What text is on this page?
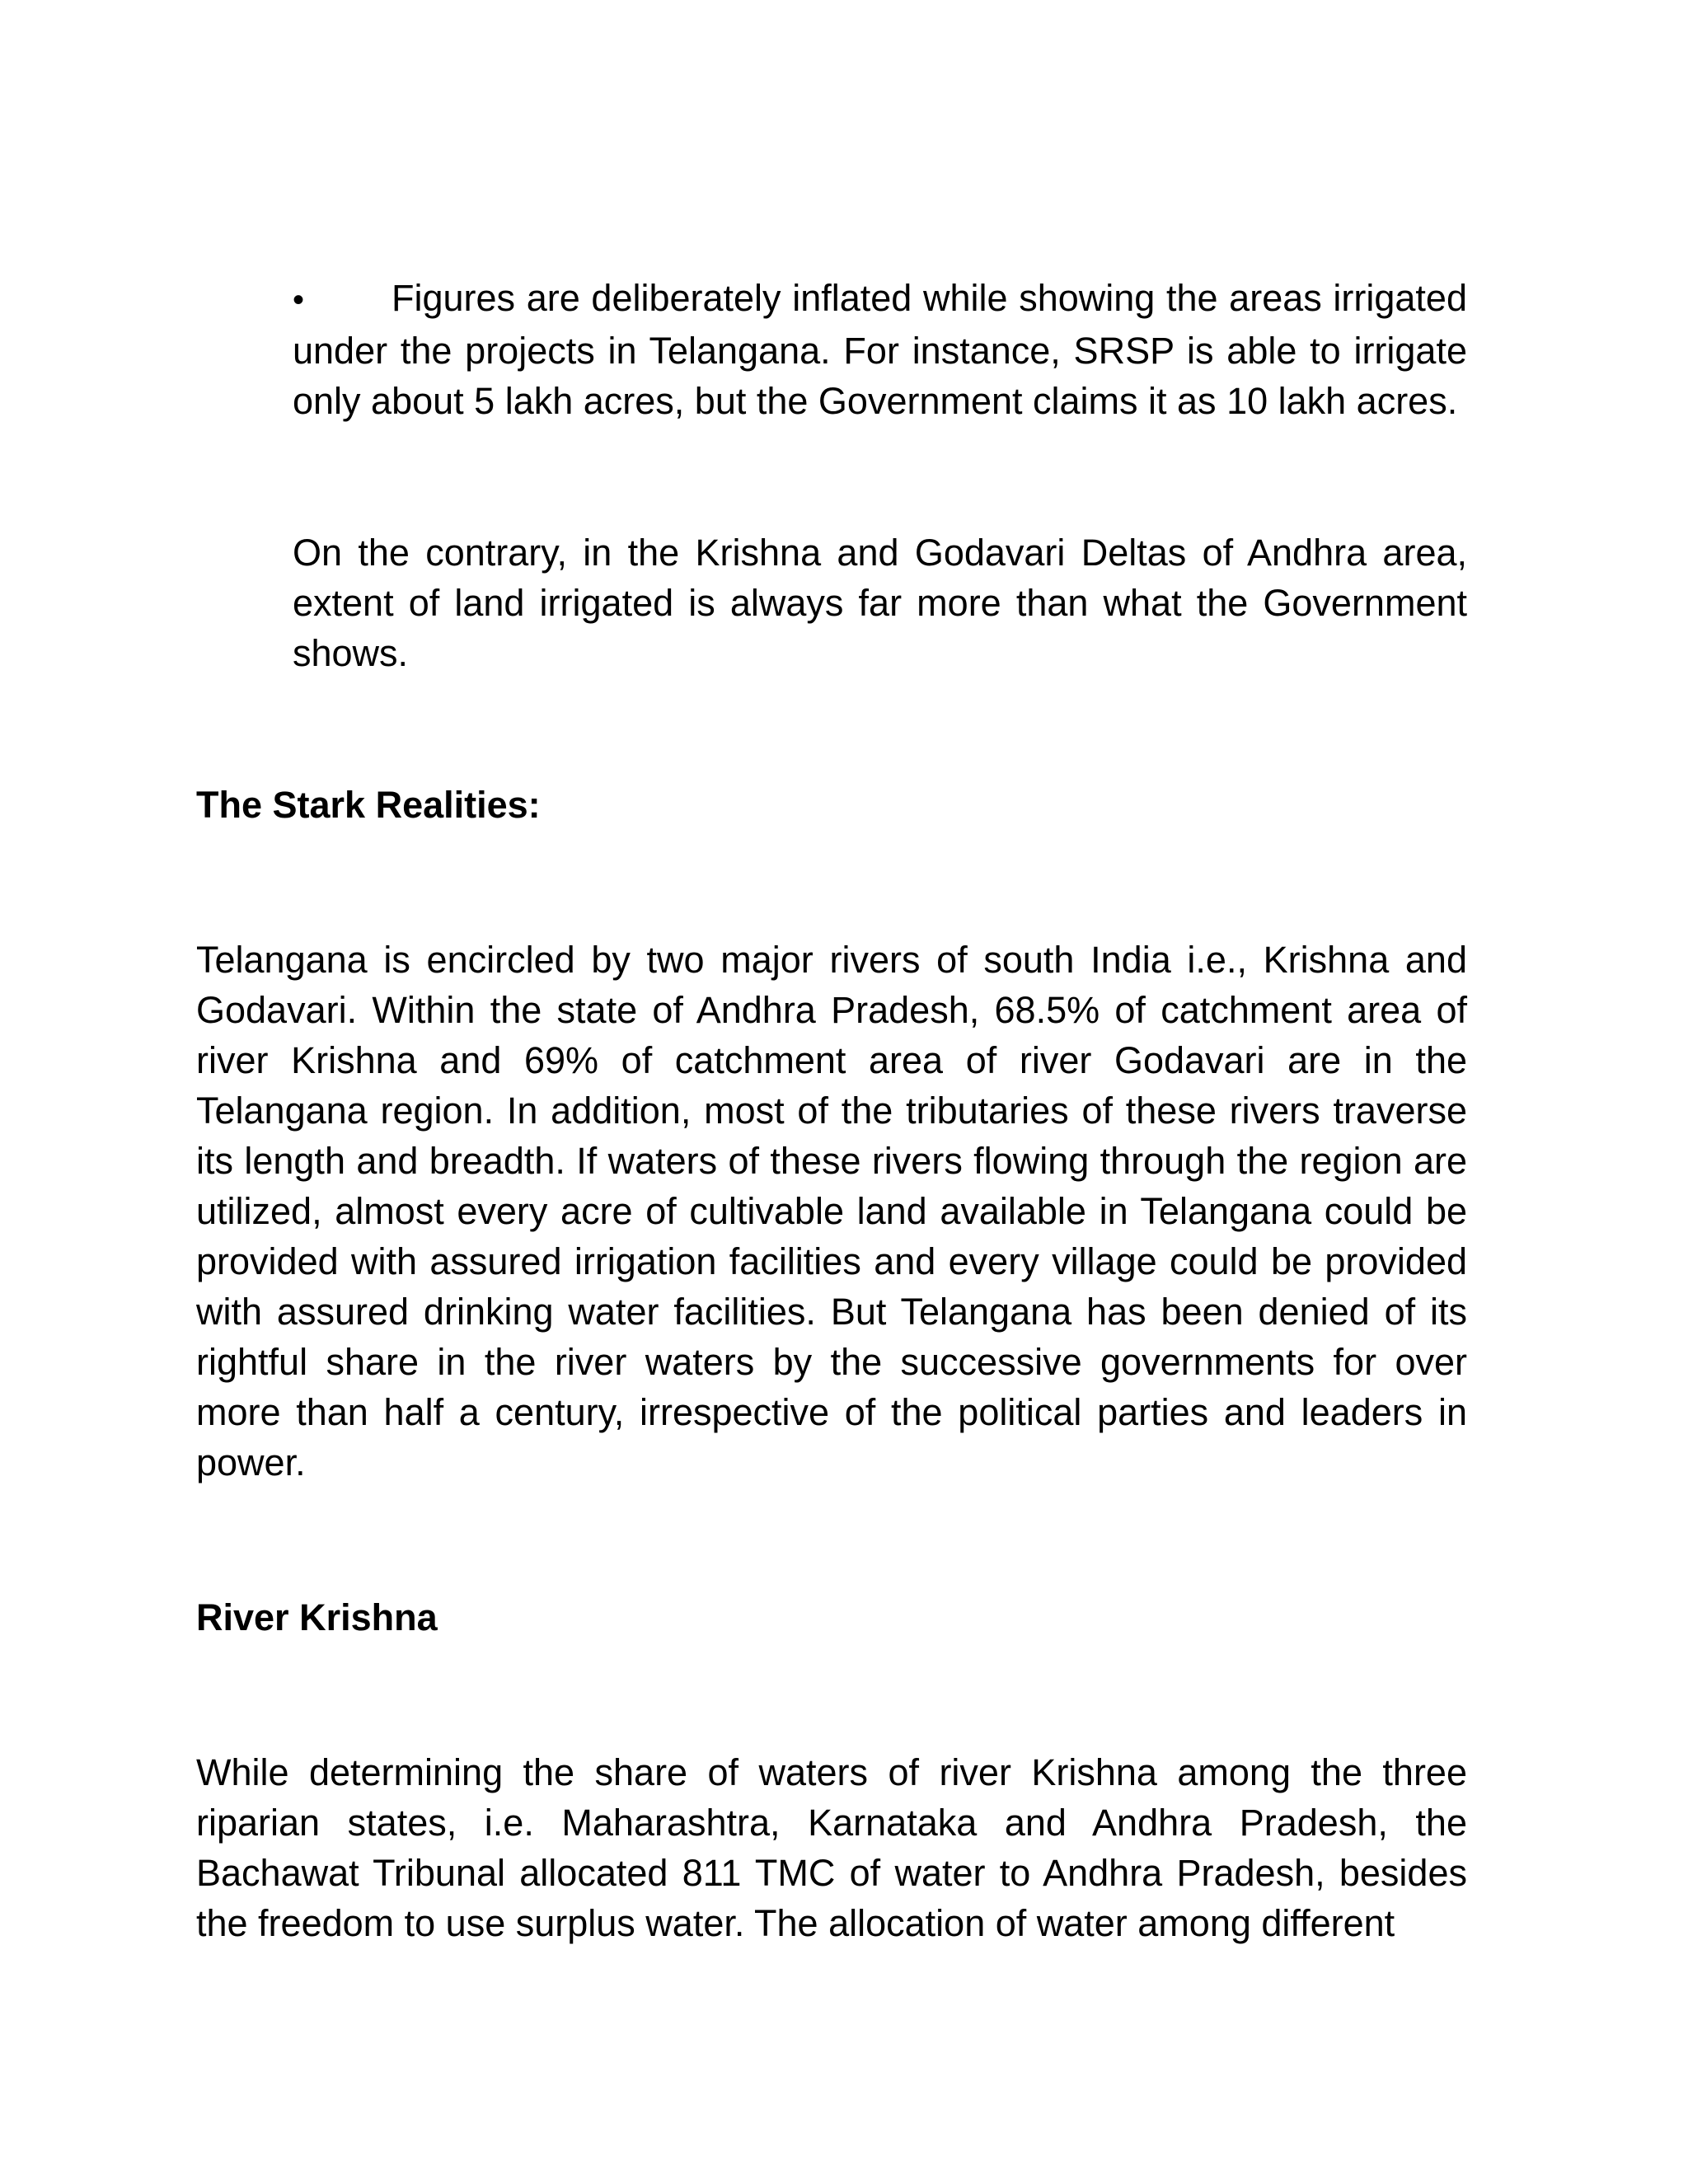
• Figures are deliberately inflated while showing the areas irrigated under the projects in Telangana. For instance, SRSP is able to irrigate only about 5 lakh acres, but the Government claims it as 10 lakh acres.

On the contrary, in the Krishna and Godavari Deltas of Andhra area, extent of land irrigated is always far more than what the Government shows.

The Stark Realities:

Telangana is encircled by two major rivers of south India i.e., Krishna and Godavari. Within the state of Andhra Pradesh, 68.5% of catchment area of river Krishna and 69% of catchment area of river Godavari are in the Telangana region. In addition, most of the tributaries of these rivers traverse its length and breadth. If waters of these rivers flowing through the region are utilized, almost every acre of cultivable land available in Telangana could be provided with assured irrigation facilities and every village could be provided with assured drinking water facilities. But Telangana has been denied of its rightful share in the river waters by the successive governments for over more than half a century, irrespective of the political parties and leaders in power.

River Krishna

While determining the share of waters of river Krishna among the three riparian states, i.e. Maharashtra, Karnataka and Andhra Pradesh, the Bachawat Tribunal allocated 811 TMC of water to Andhra Pradesh, besides the freedom to use surplus water. The allocation of water among different
